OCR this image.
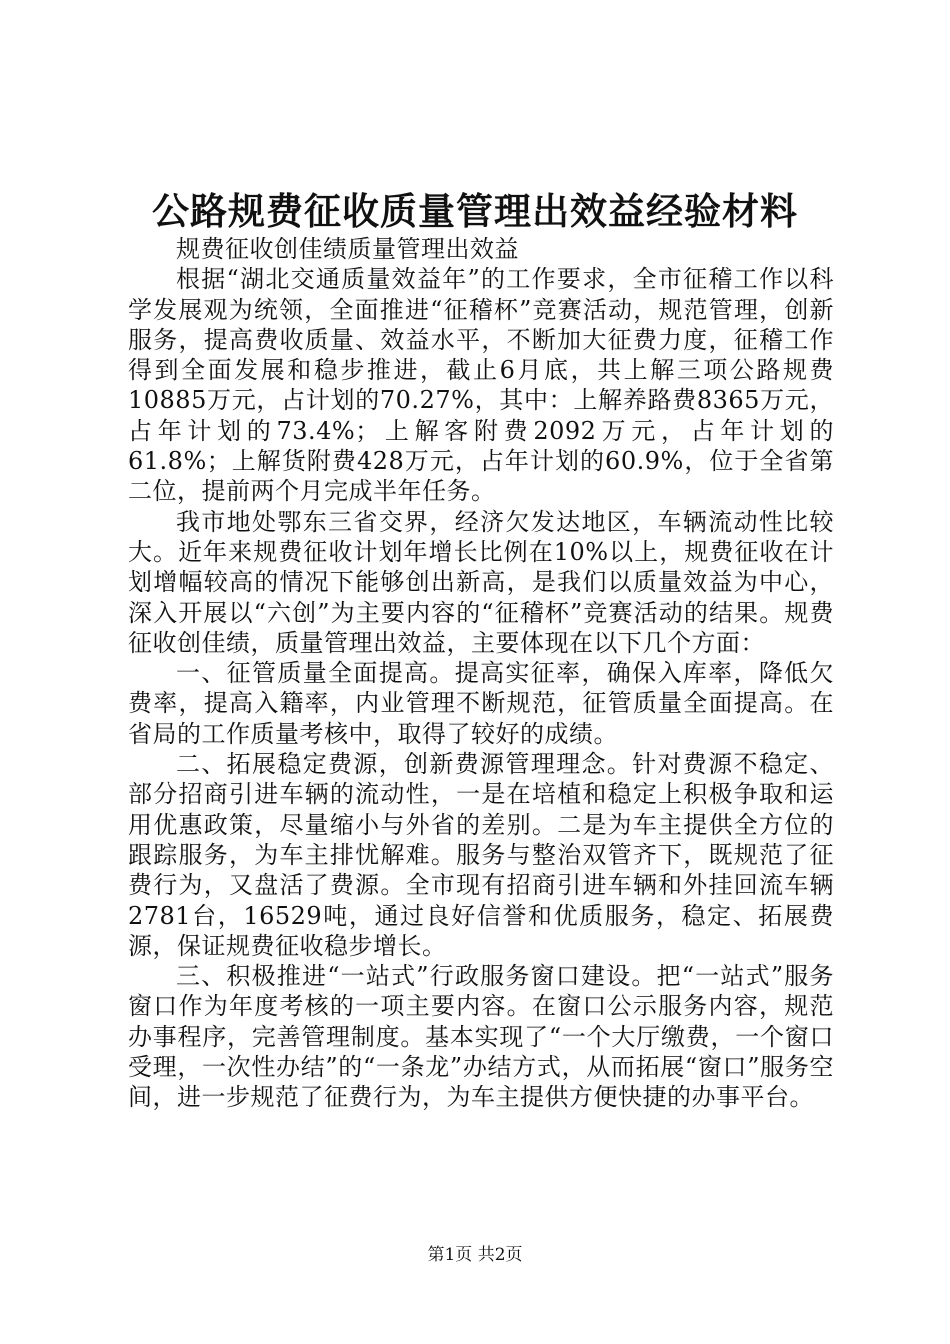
公路规费征收质量管理出效益经验材料

规费征收创佳绩质量管理出效益

根据“湖北交通质量效益年”的工作要求，全市征稽工作以科学发展观为统领，全面推进“征稽杯”竞赛活动，规范管理，创新服务，提高费收质量、效益水平，不断加大征费力度，征稽工作得到全面发展和稳步推进，截止6月底，共上解三项公路规费10885万元，占计划的70.27%，其中：上解养路费8365万元，占年计划的73.4%；上解客附费2092万元，占年计划的61.8%；上解货附费428万元，占年计划的60.9%，位于全省第二位，提前两个月完成半年任务。

我市地处鄂东三省交界，经济欠发达地区，车辆流动性比较大。近年来规费征收计划年增长比例在10%以上，规费征收在计划增幅较高的情况下能够创出新高，是我们以质量效益为中心，深入开展以“六创”为主要内容的“征稽杯”竞赛活动的结果。规费征收创佳绩，质量管理出效益，主要体现在以下几个方面：

一、征管质量全面提高。提高实征率，确保入库率，降低欠费率，提高入籍率，内业管理不断规范，征管质量全面提高。在省局的工作质量考核中，取得了较好的成绩。

二、拓展稳定费源，创新费源管理理念。针对费源不稳定、部分招商引进车辆的流动性，一是在培植和稳定上积极争取和运用优惠政策，尽量缩小与外省的差别。二是为车主提供全方位的跟踪服务，为车主排忧解难。服务与整治双管齐下，既规范了征费行为，又盘活了费源。全市现有招商引进车辆和外挂回流车辆2781台，16529吨，通过良好信誉和优质服务，稳定、拓展费源，保证规费征收稳步增长。

三、积极推进“一站式”行政服务窗口建设。把“一站式”服务窗口作为年度考核的一项主要内容。在窗口公示服务内容，规范办事程序，完善管理制度。基本实现了“一个大厅缴费，一个窗口受理，一次性办结”的“一条龙”办结方式，从而拓展“窗口”服务空间，进一步规范了征费行为，为车主提供方便快捷的办事平台。

第1页 共2页
